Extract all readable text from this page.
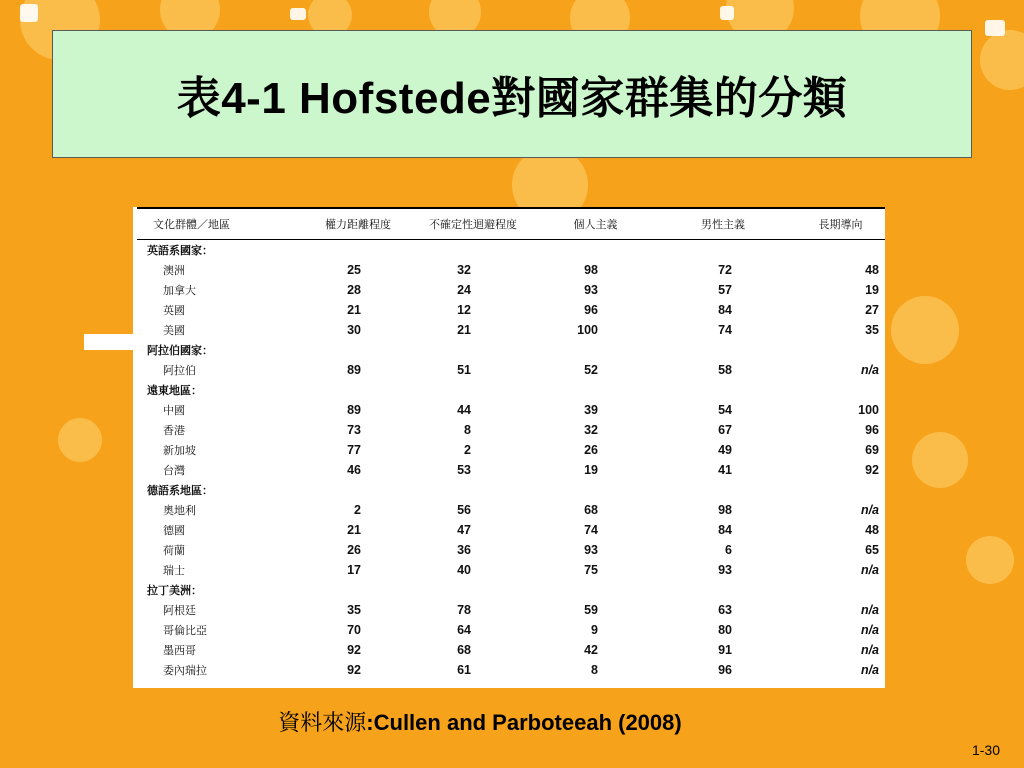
表4-1 Hofstede對國家群集的分類
文化群體／地區	權力距離程度	不確定性迴避程度	個人主義	男性主義	長期導向
英語系國家：					
澳洲	25	32	98	72	48
加拿大	28	24	93	57	19
英國	21	12	96	84	27
美國	30	21	100	74	35
阿拉伯國家：					
阿拉伯	89	51	52	58	n/a
遠東地區：					
中國	89	44	39	54	100
香港	73	8	32	67	96
新加坡	77	2	26	49	69
台灣	46	53	19	41	92
德語系地區：					
奧地利	2	56	68	98	n/a
德國	21	47	74	84	48
荷蘭	26	36	93	6	65
瑞士	17	40	75	93	n/a
拉丁美洲：					
阿根廷	35	78	59	63	n/a
哥倫比亞	70	64	9	80	n/a
墨西哥	92	68	42	91	n/a
委內瑞拉	92	61	8	96	n/a
資料來源:Cullen and Parboteeah (2008)
1-30
